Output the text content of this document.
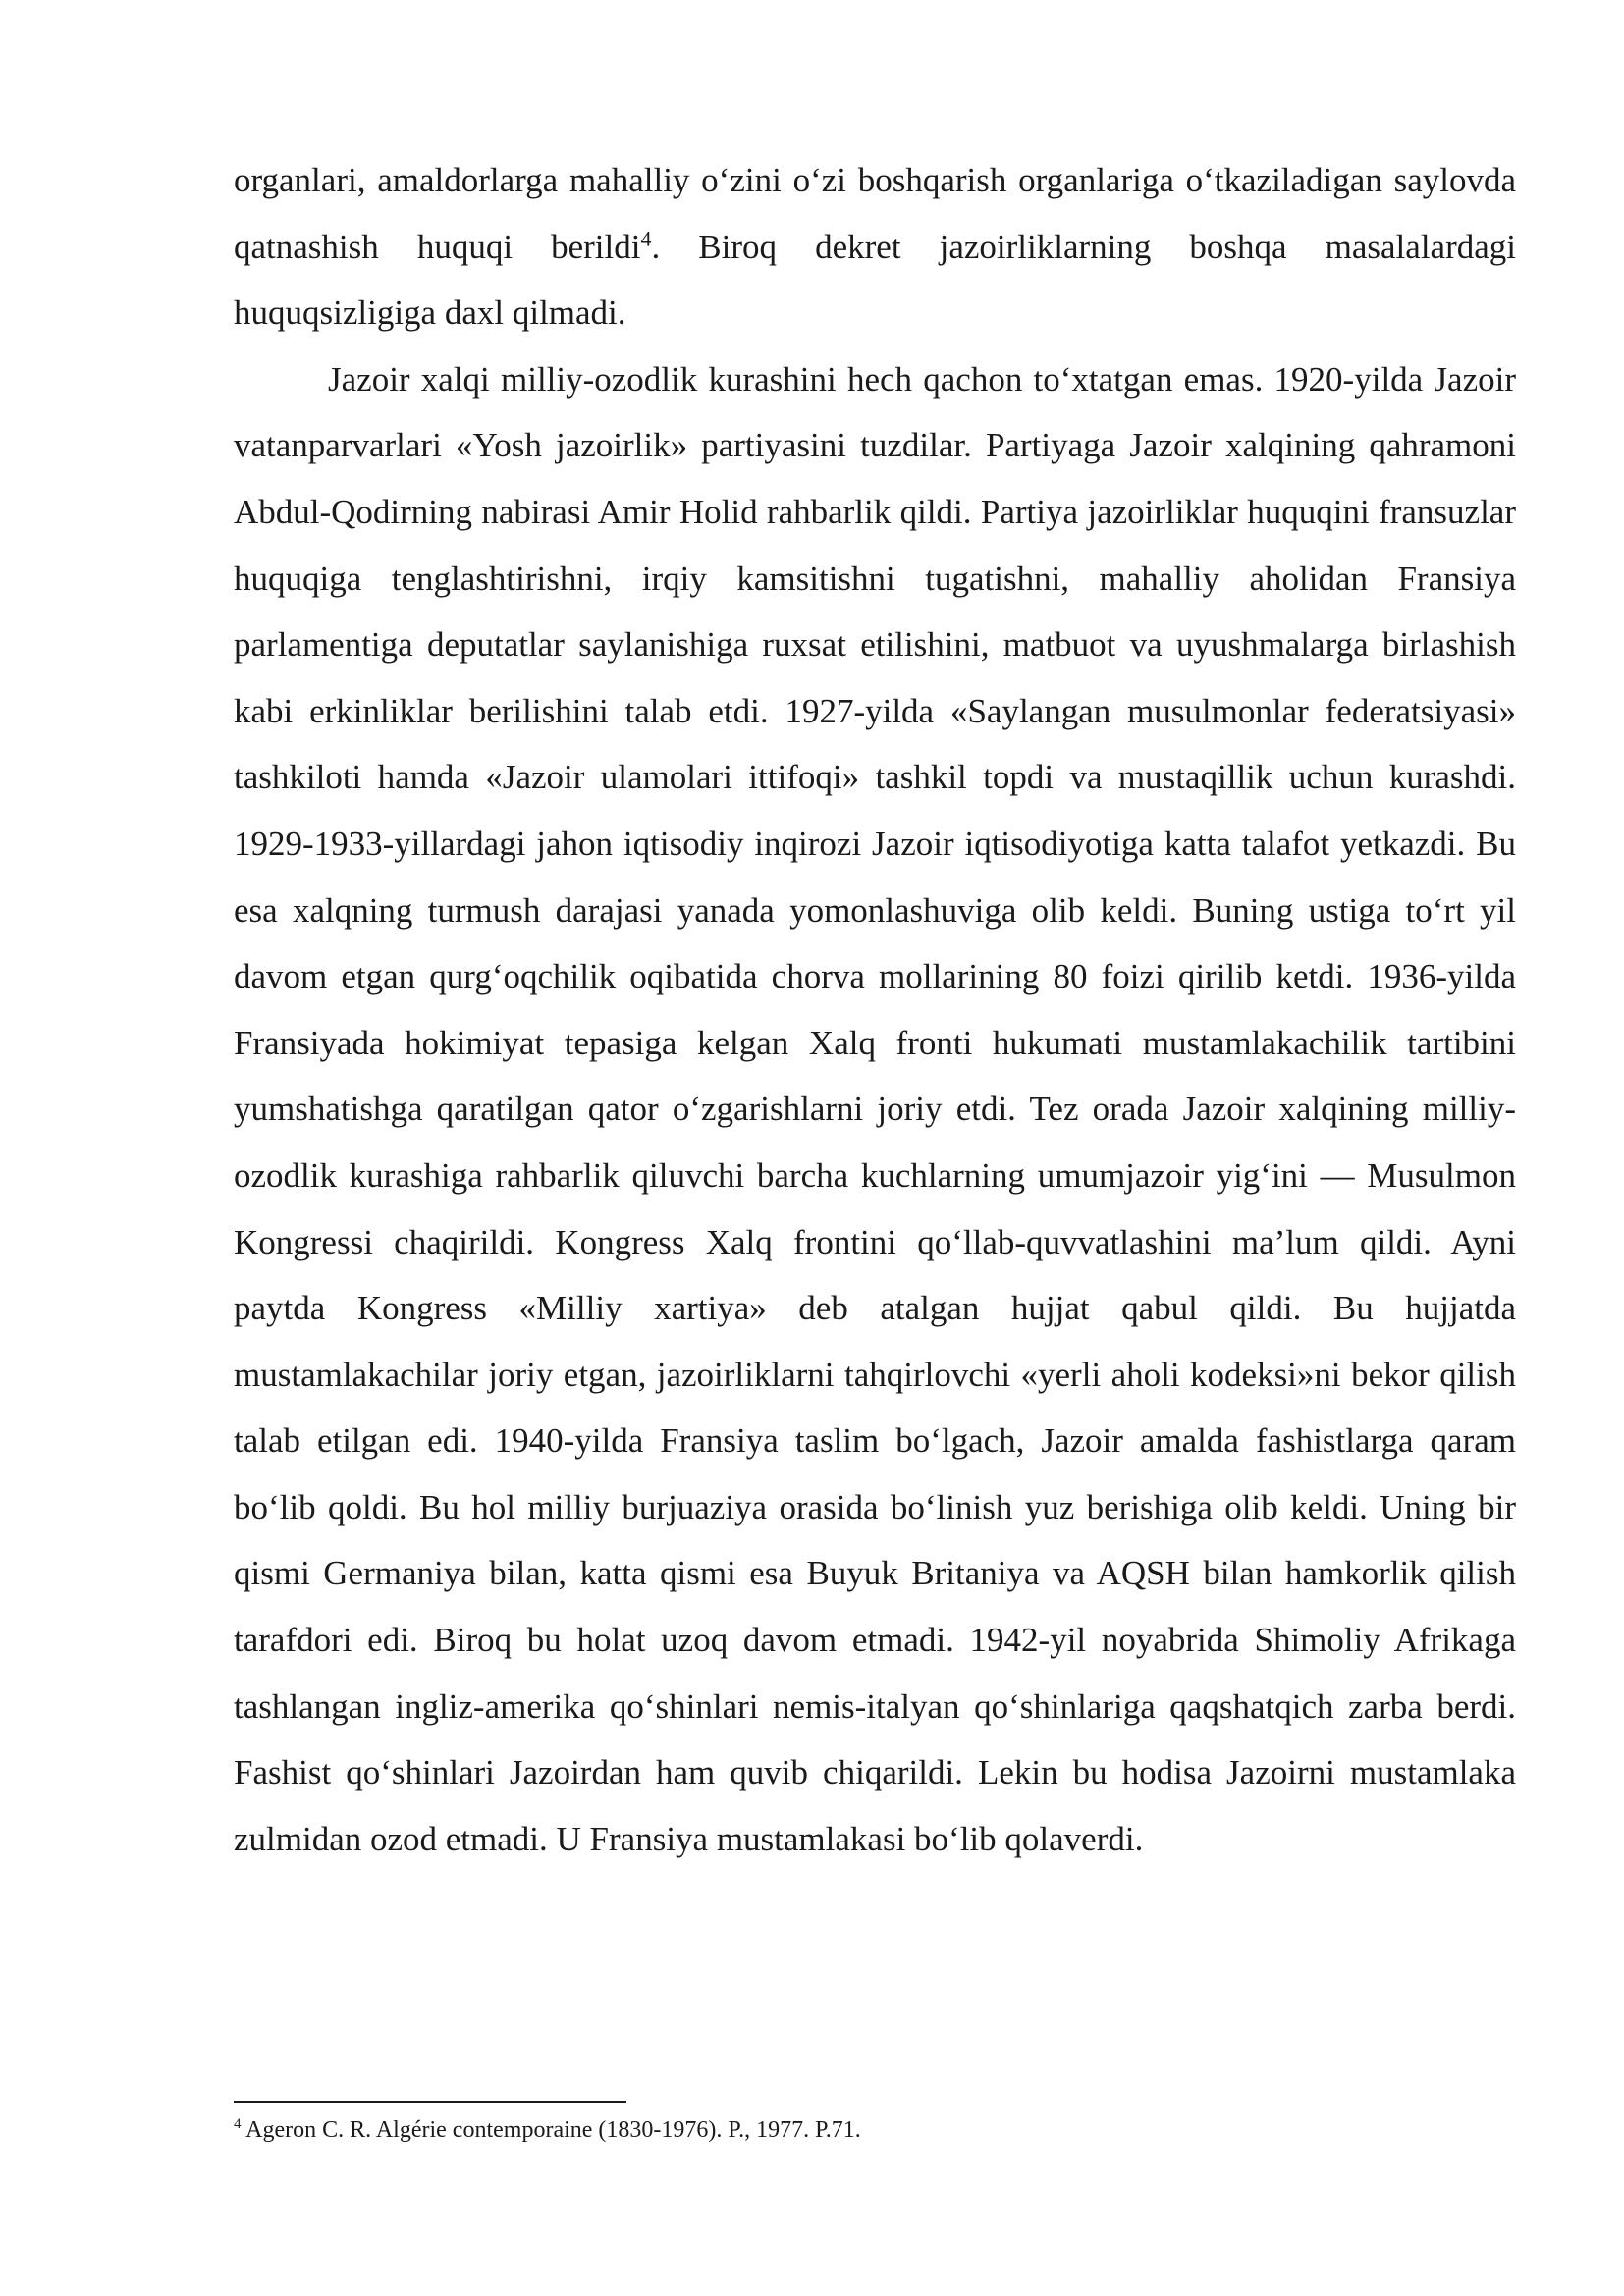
organlari, amaldorlarga mahalliy o‘zini o‘zi boshqarish organlariga o‘tkaziladigan saylovda qatnashish huquqi berildi$^4$. Biroq dekret jazoirliklarning boshqa masalalardagi huquqsizligiga daxl qilmadi.

Jazoir xalqi milliy-ozodlik kurashini hech qachon to‘xtatgan emas. 1920-yilda Jazoir vatanparvarlari «Yosh jazoirlik» partiyasini tuzdilar. Partiyaga Jazoir xalqining qahramoni Abdul-Qodirning nabirasi Amir Holid rahbarlik qildi. Partiya jazoirliklar huquqini fransuzlar huquqiga tenglashtirishni, irqiy kamsitishni tugatishni, mahalliy aholidan Fransiya parlamentiga deputatlar saylanishiga ruxsat etilishini, matbuot va uyushmalarga birlashish kabi erkinliklar berilishini talab etdi. 1927-yilda «Saylangan musulmonlar federatsiyasi» tashkiloti hamda «Jazoir ulamolari ittifoqi» tashkil topdi va mustaqillik uchun kurashdi. 1929-1933-yillardagi jahon iqtisodiy inqirozi Jazoir iqtisodiyotiga katta talafot yetkazdi. Bu esa xalqning turmush darajasi yanada yomonlashuviga olib keldi. Buning ustiga to‘rt yil davom etgan qurg‘oqchilik oqibatida chorva mollarining 80 foizi qirilib ketdi. 1936-yilda Fransiyada hokimiyat tepasiga kelgan Xalq fronti hukumati mustamlakachilik tartibini yumshatishga qaratilgan qator o‘zgarishlarni joriy etdi. Tez orada Jazoir xalqining milliy-ozodlik kurashiga rahbarlik qiluvchi barcha kuchlarning umumjazoir yig‘ini — Musulmon Kongressi chaqirildi. Kongress Xalq frontini qo‘llab-quvvatlashini ma’lum qildi. Ayni paytda Kongress «Milliy xartiya» deb atalgan hujjat qabul qildi. Bu hujjatda mustamlakachilar joriy etgan, jazoirliklarni tahqirlovchi «yerli aholi kodeksi»ni bekor qilish talab etilgan edi. 1940-yilda Fransiya taslim bo‘lgach, Jazoir amalda fashistlarga qaram bo‘lib qoldi. Bu hol milliy burjuaziya orasida bo‘linish yuz berishiga olib keldi. Uning bir qismi Germaniya bilan, katta qismi esa Buyuk Britaniya va AQSH bilan hamkorlik qilish tarafdori edi. Biroq bu holat uzoq davom etmadi. 1942-yil noyabrida Shimoliy Afrikaga tashlangan ingliz-amerika qo‘shinlari nemis-italyan qo‘shinlariga qaqshatqich zarba berdi. Fashist qo‘shinlari Jazoirdan ham quvib chiqarildi. Lekin bu hodisa Jazoirni mustamlaka zulmidan ozod etmadi. U Fransiya mustamlakasi bo‘lib qolaverdi.

$^4$ Ageron C. R. Algérie contemporaine (1830-1976). P., 1977. P.71.
